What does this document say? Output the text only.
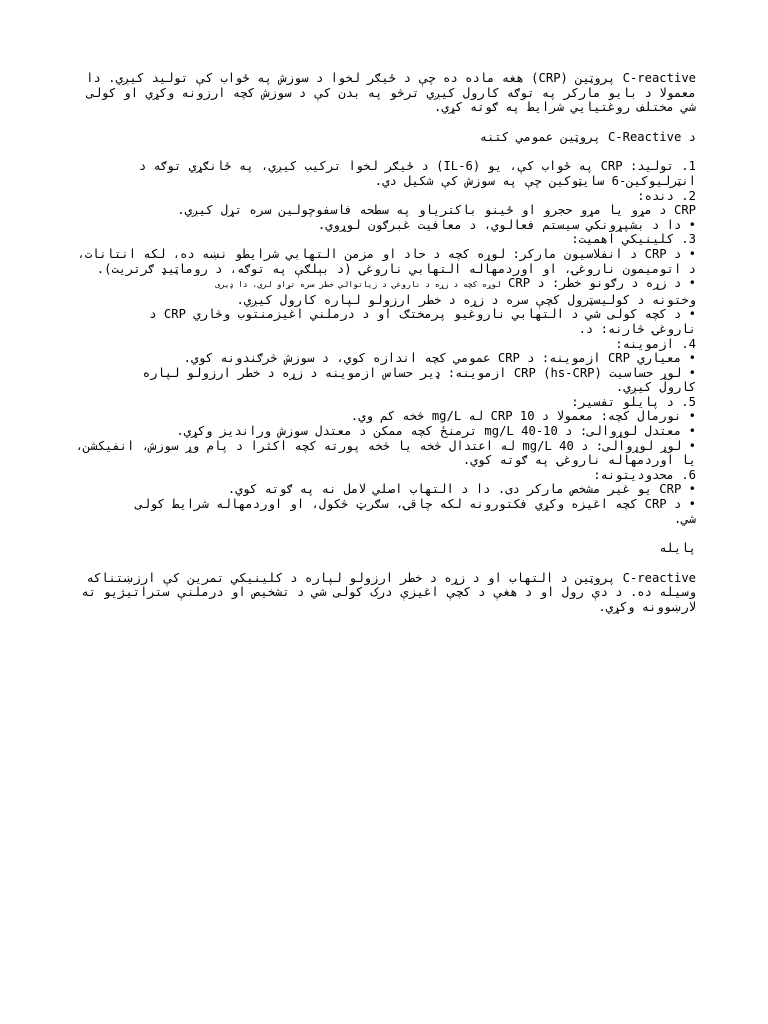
C-reactive پروټین (CRP) هغه ماده ده چې د ځيګر لخوا د سوزش په ځواب کې توليد کيږي. دا معمولا د بايو مارکر په توګه کارول کيږي ترڅو په بدن کې د سوزش کچه ارزونه وکړي او کولی شي مختلف روغتيايي شرايط په ګوته کړي.

د C-Reactive پروټین عمومي کتنه

1. توليد: CRP په ځواب کې، يو (IL-6) د ځيګر لخوا ترکيب کيږي، په ځانګړي توګه د انټرليوکين-6 سايټوکين چې په سوزش کې شکيل دي.

2. دنده:

CRP د مړو يا مړو حجرو او ځينو باکترياو په سطحه فاسفوچولين سره تړل کيږي.

• دا د بشپړونکي سيستم فعالوي، د معافيت غبرګون لوړوي.

3. کلينيکي اهميت:

• د CRP د انفلاسيون مارکر: لوړه کچه د حاد او مزمن التهابي شرايطو نښه ده، لکه انتانات، د اتوميمون ناروغۍ، او اوردمهاله التهابي ناروغۍ (د بېلګې په توګه، د روماټيډ ګرتريت).

• د زړه د رګونو خطر: د CRP لوړه کچه د زړه د ناروغۍ د زياتوالي خطر سره تړاو لري، دا ډيری

وختونه د کوليسټرول کچې سره د زړه د خطر ارزولو لپاره کارول کيږي.

• د کچه کولی شي د التهابي ناروغيو پرمختګ او د درملني اغيزمنتوب وڅاري CRP د ناروغۍ څارنه: د.

4. ازموينه:

• معياري CRP ازموينه: د CRP عمومي کچه اندازه کوي، د سوزش څرګندونه کوي.

• لوړ حساسيت CRP (hs-CRP) ازموينه: ډير حساس ازموينه د زړه د خطر ارزولو لپاره کارول کيږي.

5. د پايلو تفسير:

• نورمال کچه: معمولا د CRP 10 له mg/L څخه کم وي.

• معتدل لوړوالی: د 10-40 mg/L ترمنځ کچه ممکن د معتدل سوزش ورانديز وکړي.

• لوړ لوړوالی: د 40 mg/L له اعتدال څخه يا څخه پورته کچه اکثرا د پام وړ سوزش، انفيکشن، يا اوردمهاله ناروغۍ په ګوته کوي.

6. محدوديتونه:

• CRP يو غير مشخص مارکر دی. دا د التهاب اصلي لامل نه په ګوته کوي.

• د CRP کچه اغيزه وکړي فکتورونه لکه چاقۍ، سګرټ څکول، او اوردمهاله شرايط کولی شي.

پايله

C-reactive پروټین د التهاب او د زړه د خطر ارزولو لپاره د کلينيکي تمرين کې ارزښتناکه وسيله ده. د دې رول او د هغې د کچې اغيزې درک کولی شي د تشخيص او درملنې ستراتيژيو ته لارښوونه وکړي.
